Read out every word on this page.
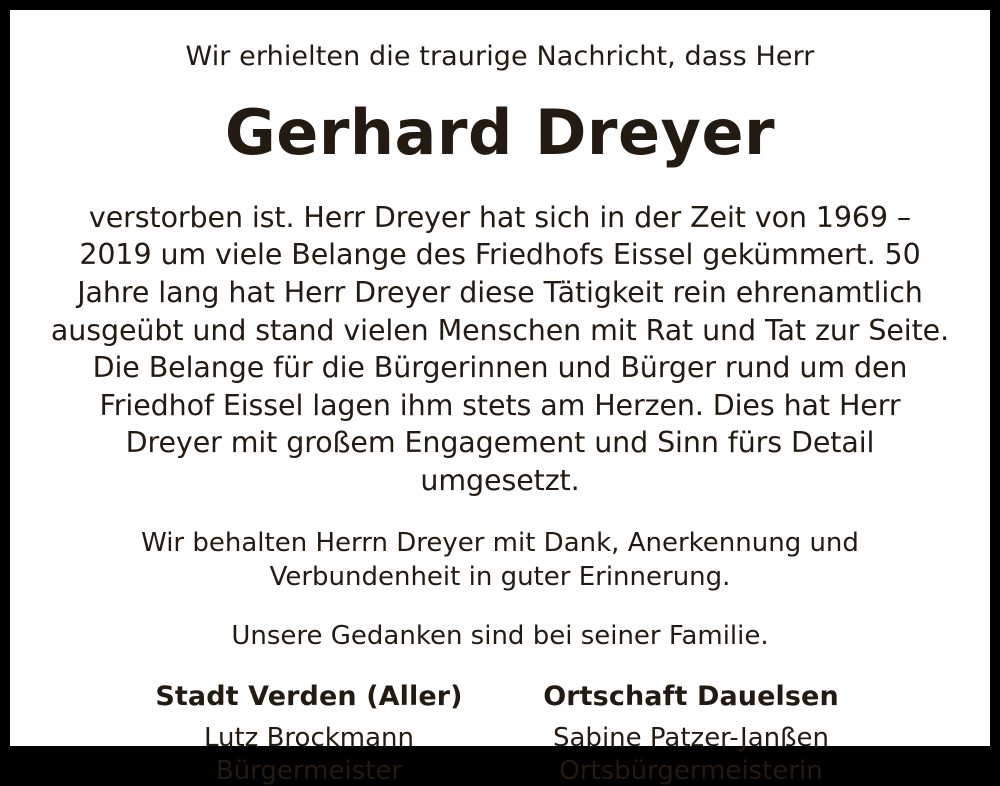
Wir erhielten die traurige Nachricht, dass Herr
Gerhard Dreyer
verstorben ist. Herr Dreyer hat sich in der Zeit von 1969 – 2019 um viele Belange des Friedhofs Eissel gekümmert. 50 Jahre lang hat Herr Dreyer diese Tätigkeit rein ehrenamtlich ausgeübt und stand vielen Menschen mit Rat und Tat zur Seite. Die Belange für die Bürgerinnen und Bürger rund um den Friedhof Eissel lagen ihm stets am Herzen. Dies hat Herr Dreyer mit großem Engagement und Sinn fürs Detail umgesetzt.
Wir behalten Herrn Dreyer mit Dank, Anerkennung und Verbundenheit in guter Erinnerung.
Unsere Gedanken sind bei seiner Familie.
Stadt Verden (Aller)
Lutz Brockmann
Bürgermeister
Ortschaft Dauelsen
Sabine Patzer-Janßen
Ortsbürgermeisterin
